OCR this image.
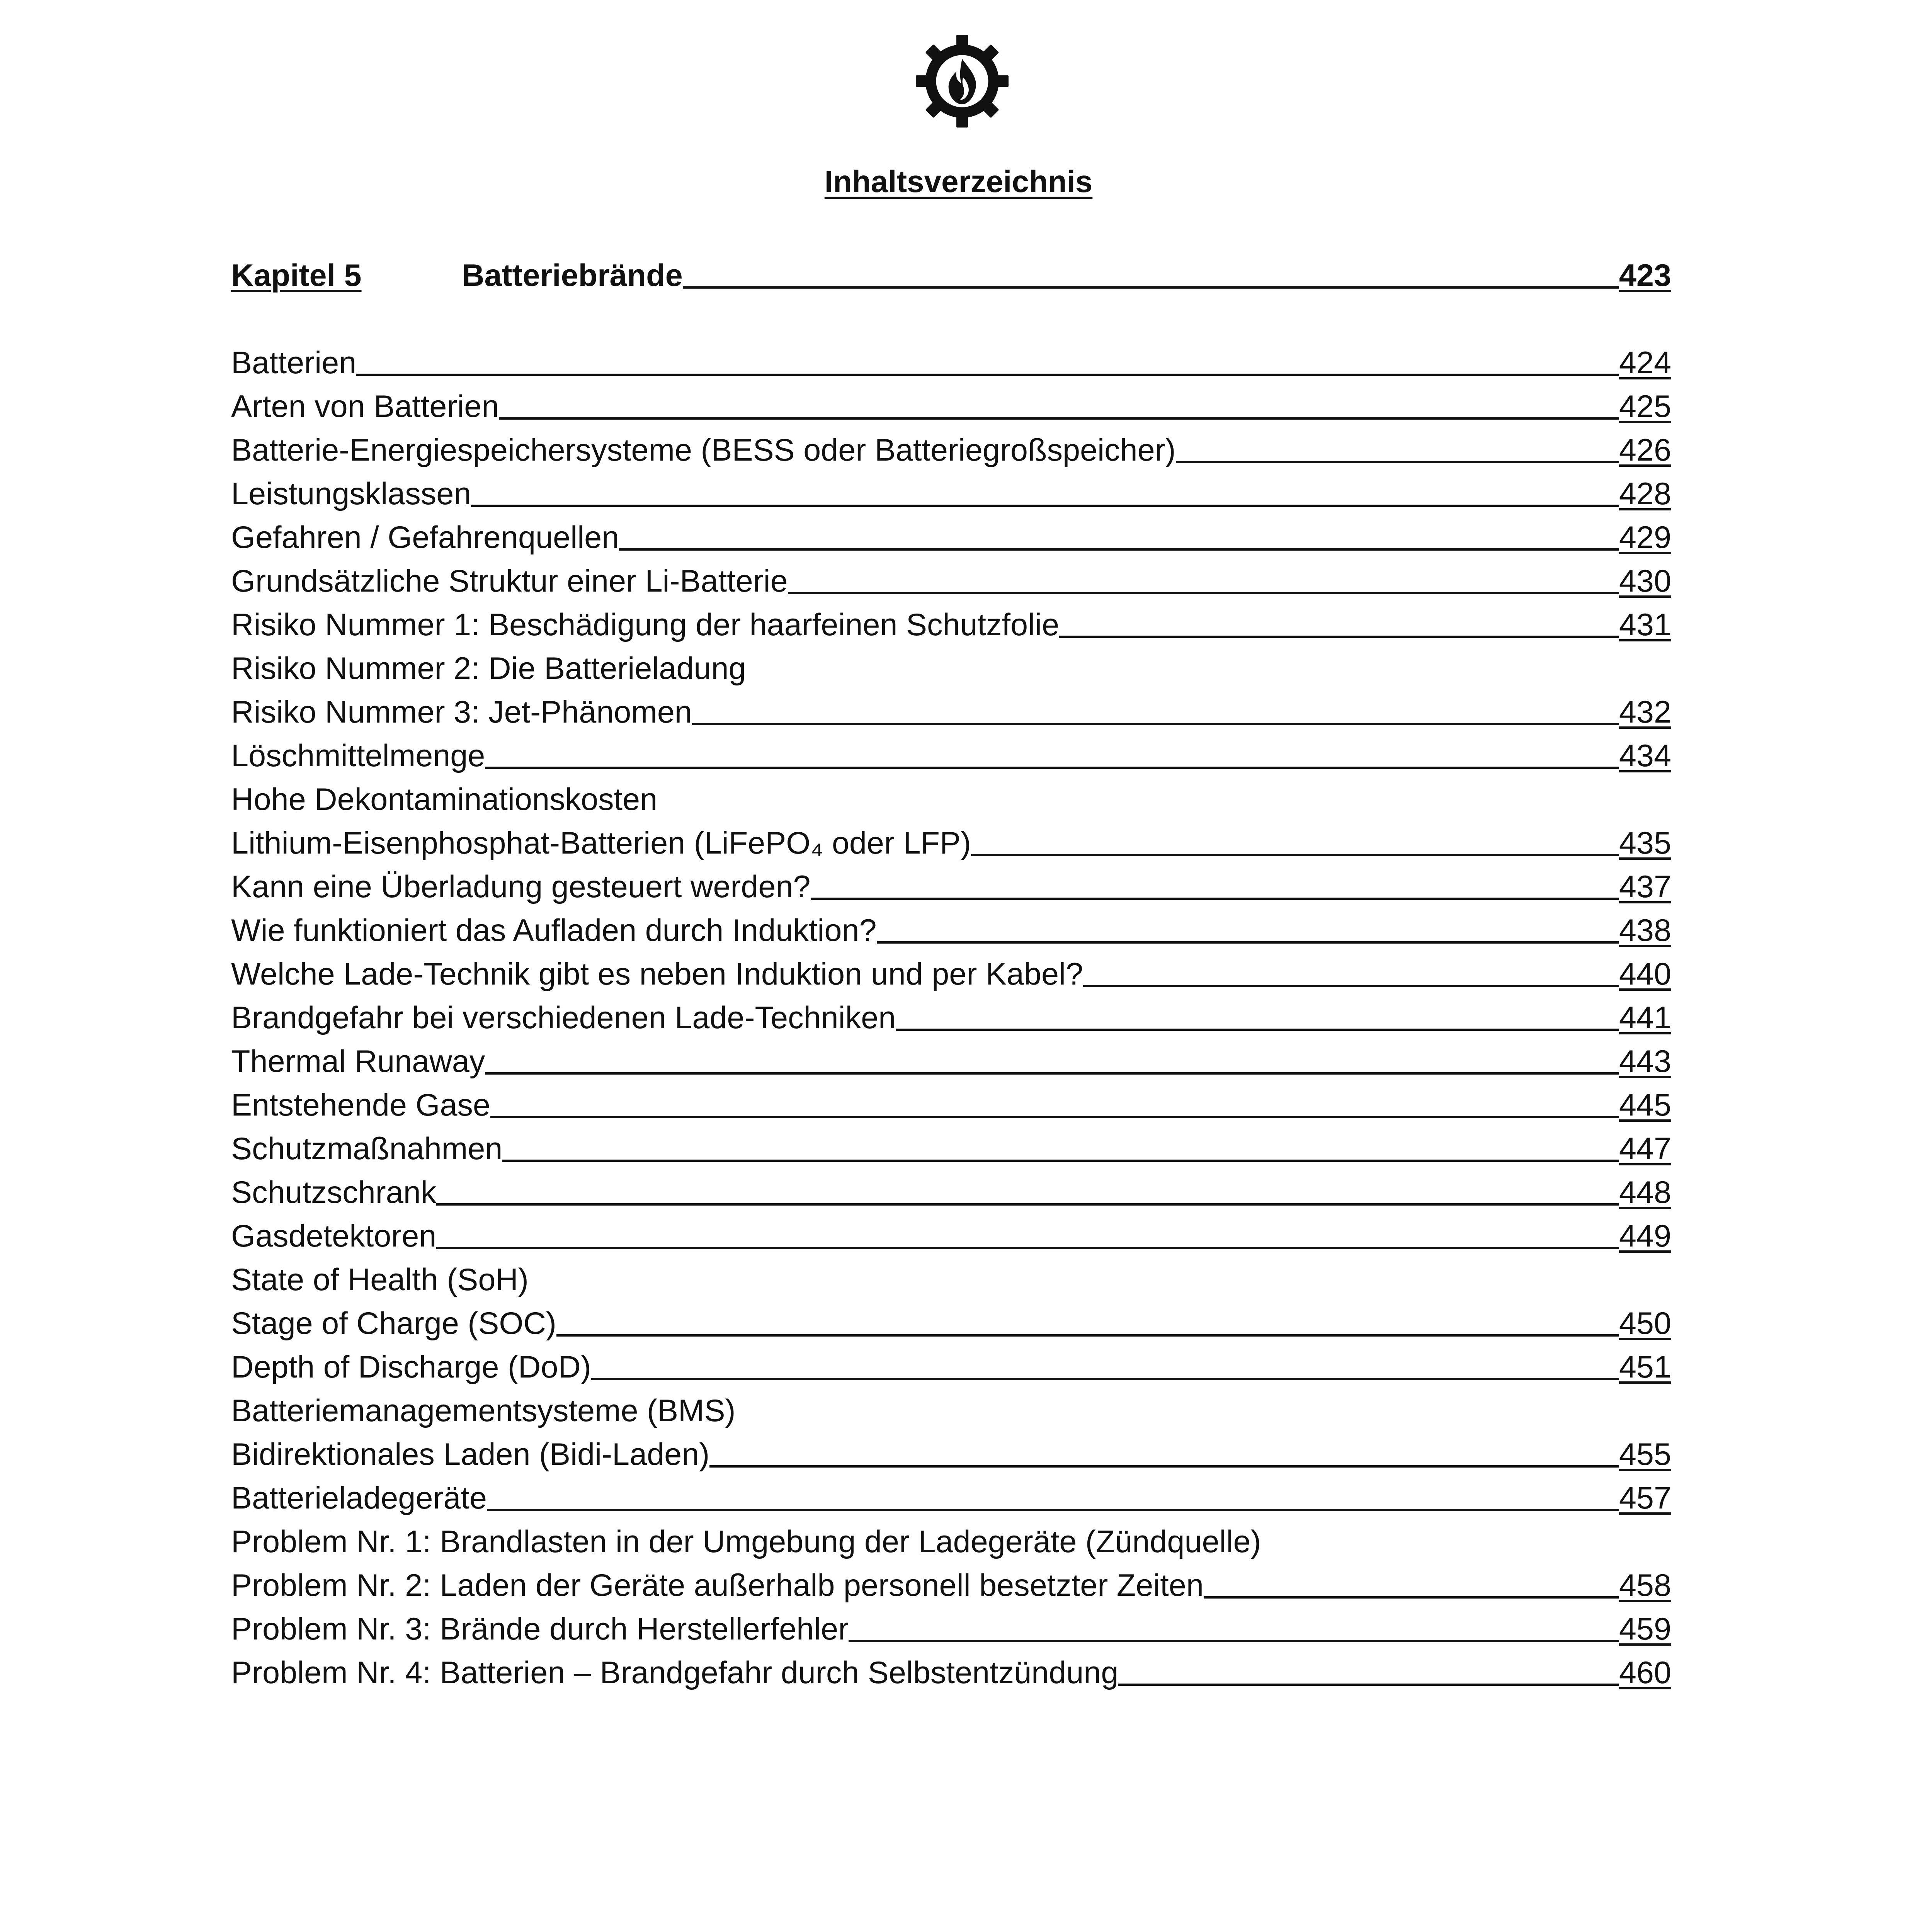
Inhaltsverzeichnis
Kapitel 5	Batteriebrände	423
Batterien	424
Arten von Batterien	425
Batterie-Energiespeichersysteme (BESS oder Batteriegroßspeicher)	426
Leistungsklassen	428
Gefahren / Gefahrenquellen	429
Grundsätzliche Struktur einer Li-Batterie	430
Risiko Nummer 1: Beschädigung der haarfeinen Schutzfolie	431
Risiko Nummer 2: Die Batterieladung
Risiko Nummer 3: Jet-Phänomen	432
Löschmittelmenge	434
Hohe Dekontaminationskosten
Lithium-Eisenphosphat-Batterien (LiFePO₄ oder LFP)	435
Kann eine Überladung gesteuert werden?	437
Wie funktioniert das Aufladen durch Induktion?	438
Welche Lade-Technik gibt es neben Induktion und per Kabel?	440
Brandgefahr bei verschiedenen Lade-Techniken	441
Thermal Runaway	443
Entstehende Gase	445
Schutzmaßnahmen	447
Schutzschrank	448
Gasdetektoren	449
State of Health (SoH)
Stage of Charge (SOC)	450
Depth of Discharge (DoD)	451
Batteriemanagementsysteme (BMS)
Bidirektionales Laden (Bidi-Laden)	455
Batterieladegeräte	457
Problem Nr. 1: Brandlasten in der Umgebung der Ladegeräte (Zündquelle)
Problem Nr. 2: Laden der Geräte außerhalb personell besetzter Zeiten	458
Problem Nr. 3: Brände durch Herstellerfehler	459
Problem Nr. 4: Batterien – Brandgefahr durch Selbstentzündung	460
